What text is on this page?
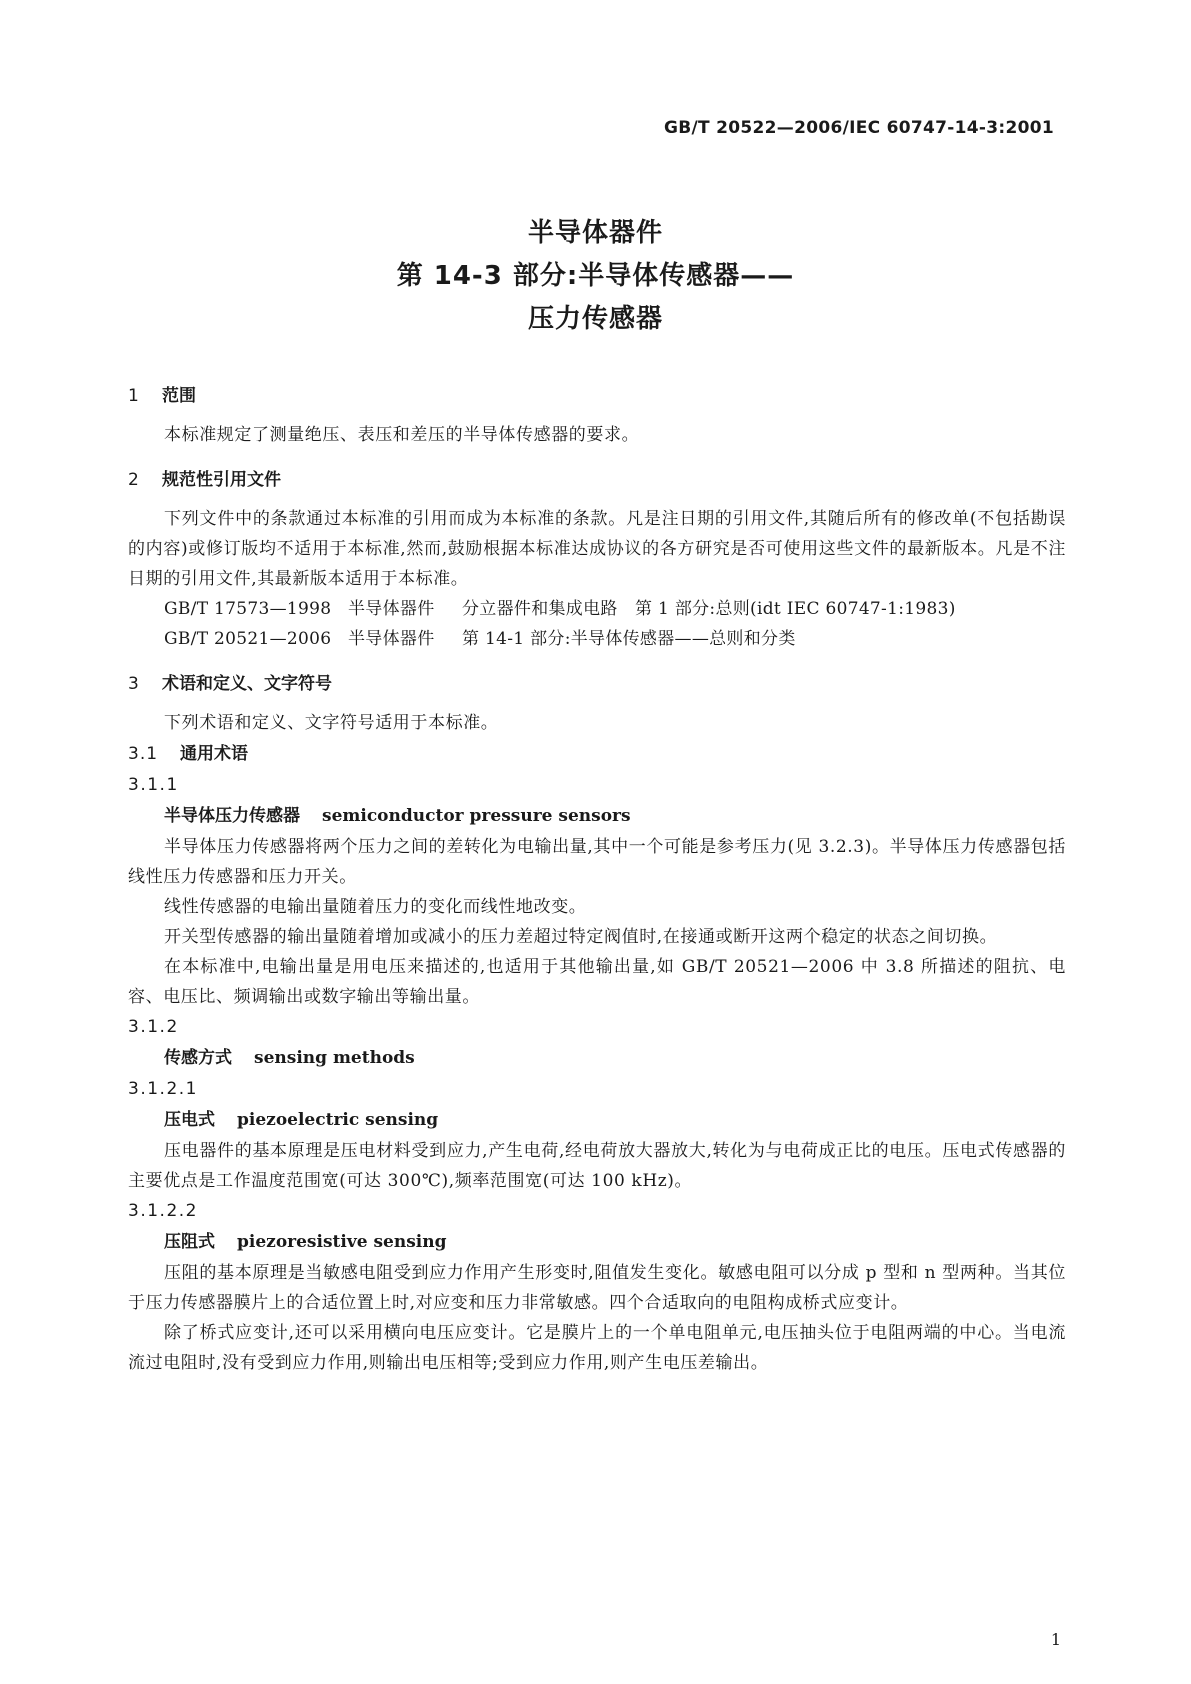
GB/T 20522—2006/IEC 60747-14-3:2001
半导体器件
第 14-3 部分:半导体传感器——
压力传感器
1 范围

本标准规定了测量绝压、表压和差压的半导体传感器的要求。

2 规范性引用文件

下列文件中的条款通过本标准的引用而成为本标准的条款。凡是注日期的引用文件,其随后所有的修改单(不包括勘误的内容)或修订版均不适用于本标准,然而,鼓励根据本标准达成协议的各方研究是否可使用这些文件的最新版本。凡是不注日期的引用文件,其最新版本适用于本标准。

GB/T 17573—1998 半导体器件 分立器件和集成电路　第 1 部分:总则(idt IEC 60747-1:1983)
GB/T 20521—2006 半导体器件 第 14-1 部分:半导体传感器——总则和分类
3 术语和定义、文字符号

下列术语和定义、文字符号适用于本标准。

3.1 通用术语
3.1.1
半导体压力传感器 semiconductor pressure sensors

半导体压力传感器将两个压力之间的差转化为电输出量,其中一个可能是参考压力(见 3.2.3)。半导体压力传感器包括线性压力传感器和压力开关。

线性传感器的电输出量随着压力的变化而线性地改变。

开关型传感器的输出量随着增加或减小的压力差超过特定阀值时,在接通或断开这两个稳定的状态之间切换。

在本标准中,电输出量是用电压来描述的,也适用于其他输出量,如 GB/T 20521—2006 中 3.8 所描述的阻抗、电容、电压比、频调输出或数字输出等输出量。

3.1.2
传感方式 sensing methods
3.1.2.1
压电式 piezoelectric sensing

压电器件的基本原理是压电材料受到应力,产生电荷,经电荷放大器放大,转化为与电荷成正比的电压。压电式传感器的主要优点是工作温度范围宽(可达 300℃),频率范围宽(可达 100 kHz)。

3.1.2.2
压阻式 piezoresistive sensing

压阻的基本原理是当敏感电阻受到应力作用产生形变时,阻值发生变化。敏感电阻可以分成 p 型和 n 型两种。当其位于压力传感器膜片上的合适位置上时,对应变和压力非常敏感。四个合适取向的电阻构成桥式应变计。

除了桥式应变计,还可以采用横向电压应变计。它是膜片上的一个单电阻单元,电压抽头位于电阻两端的中心。当电流流过电阻时,没有受到应力作用,则输出电压相等;受到应力作用,则产生电压差输出。

1
